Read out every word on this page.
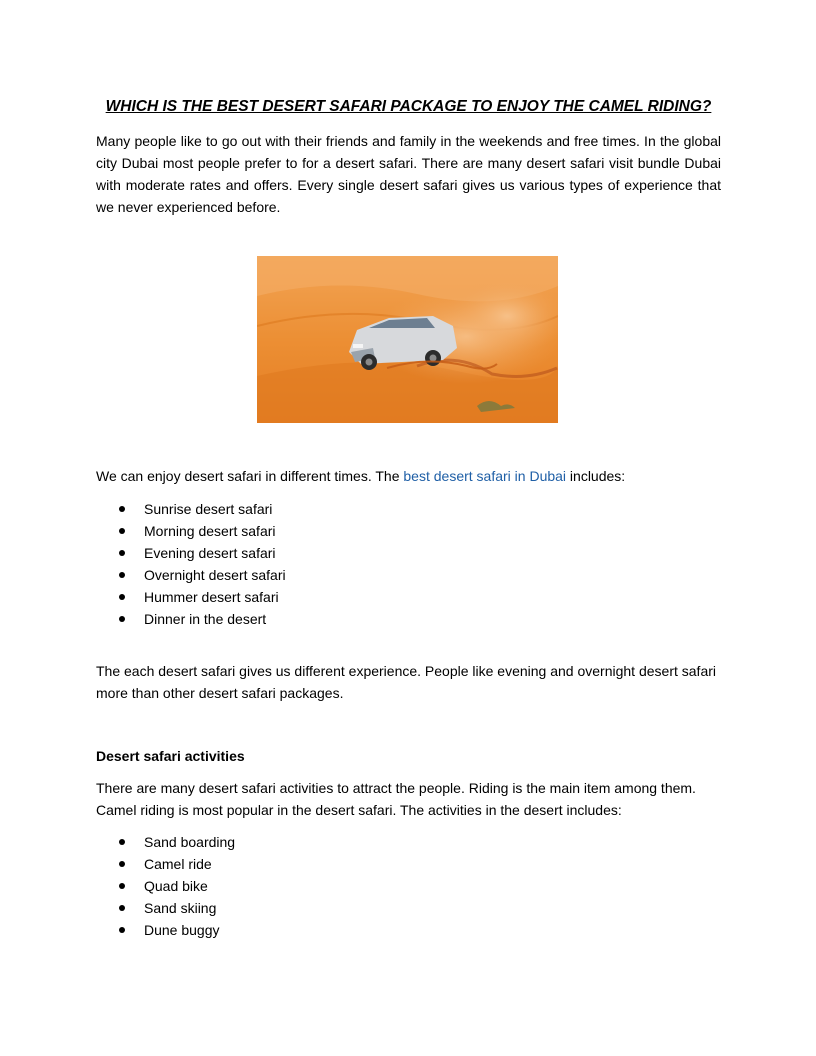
WHICH IS THE BEST DESERT SAFARI PACKAGE TO ENJOY THE CAMEL RIDING?

Many people like to go out with their friends and family in the weekends and free times. In the global city Dubai most people prefer to for a desert safari. There are many desert safari visit bundle Dubai with moderate rates and offers. Every single desert safari gives us various types of experience that we never experienced before.

We can enjoy desert safari in different times. The best desert safari in Dubai includes:

Sunrise desert safari
Morning desert safari
Evening desert safari
Overnight desert safari
Hummer desert safari
Dinner in the desert

The each desert safari gives us different experience. People like evening and overnight desert safari more than other desert safari packages.

Desert safari activities

There are many desert safari activities to attract the people. Riding is the main item among them. Camel riding is most popular in the desert safari. The activities in the desert includes:

Sand boarding
Camel ride
Quad bike
Sand skiing
Dune buggy
